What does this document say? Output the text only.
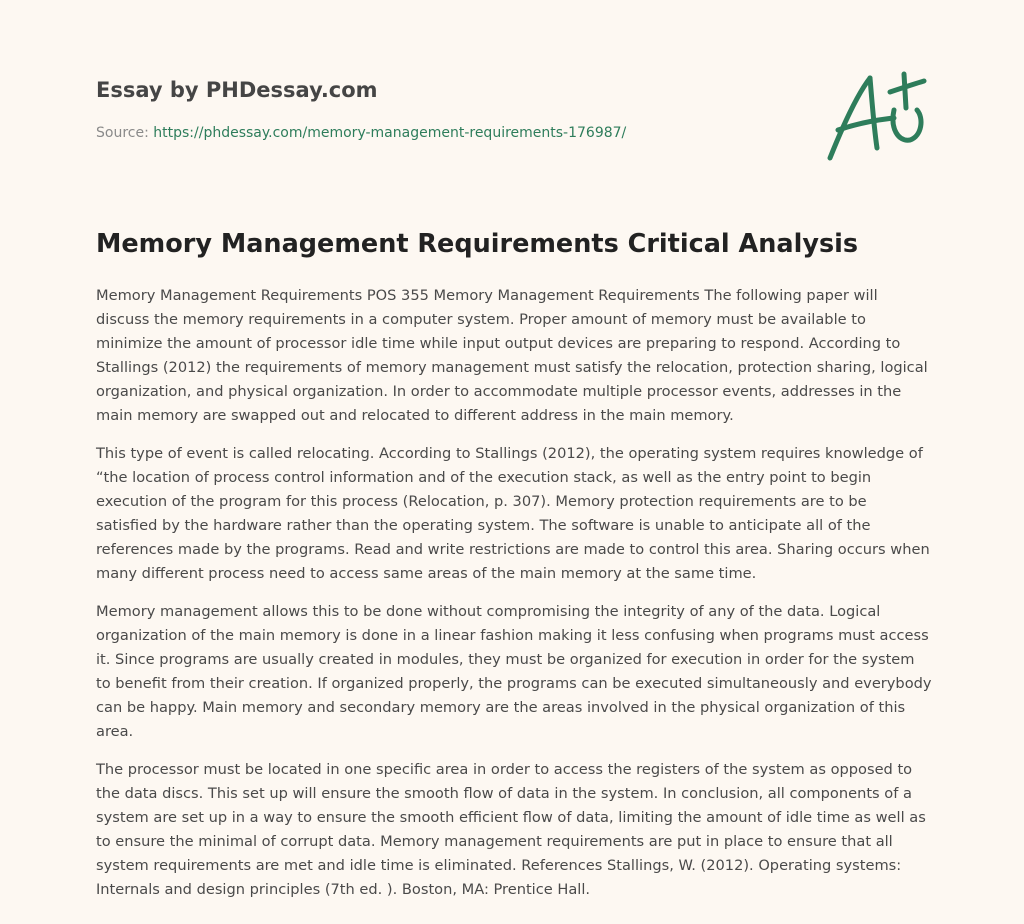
Essay by PHDessay.com
Source: https://phdessay.com/memory-management-requirements-176987/
Memory Management Requirements Critical Analysis

Memory Management Requirements POS 355 Memory Management Requirements The following paper will discuss the memory requirements in a computer system. Proper amount of memory must be available to minimize the amount of processor idle time while input output devices are preparing to respond. According to Stallings (2012) the requirements of memory management must satisfy the relocation, protection sharing, logical organization, and physical organization. In order to accommodate multiple processor events, addresses in the main memory are swapped out and relocated to different address in the main memory.

This type of event is called relocating. According to Stallings (2012), the operating system requires knowledge of “the location of process control information and of the execution stack, as well as the entry point to begin execution of the program for this process (Relocation, p. 307). Memory protection requirements are to be satisfied by the hardware rather than the operating system. The software is unable to anticipate all of the references made by the programs. Read and write restrictions are made to control this area. Sharing occurs when many different process need to access same areas of the main memory at the same time.

Memory management allows this to be done without compromising the integrity of any of the data. Logical organization of the main memory is done in a linear fashion making it less confusing when programs must access it. Since programs are usually created in modules, they must be organized for execution in order for the system to benefit from their creation. If organized properly, the programs can be executed simultaneously and everybody can be happy. Main memory and secondary memory are the areas involved in the physical organization of this area.

The processor must be located in one specific area in order to access the registers of the system as opposed to the data discs. This set up will ensure the smooth flow of data in the system. In conclusion, all components of a system are set up in a way to ensure the smooth efficient flow of data, limiting the amount of idle time as well as to ensure the minimal of corrupt data. Memory management requirements are put in place to ensure that all system requirements are met and idle time is eliminated. References Stallings, W. (2012). Operating systems: Internals and design principles (7th ed. ). Boston, MA: Prentice Hall.
